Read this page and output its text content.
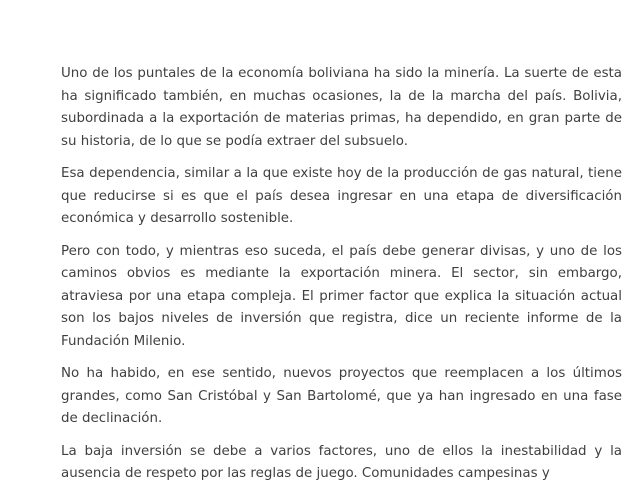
Uno de los puntales de la economía boliviana ha sido la minería. La suerte de esta ha significado también, en muchas ocasiones, la de la marcha del país. Bolivia, subordinada a la exportación de materias primas, ha dependido, en gran parte de su historia, de lo que se podía extraer del subsuelo.

Esa dependencia, similar a la que existe hoy de la producción de gas natural, tiene que reducirse si es que el país desea ingresar en una etapa de diversificación económica y desarrollo sostenible.

Pero con todo, y mientras eso suceda, el país debe generar divisas, y uno de los caminos obvios es mediante la exportación minera. El sector, sin embargo, atraviesa por una etapa compleja. El primer factor que explica la situación actual son los bajos niveles de inversión que registra, dice un reciente informe de la Fundación Milenio.

No ha habido, en ese sentido, nuevos proyectos que reemplacen a los últimos grandes, como San Cristóbal y San Bartolomé, que ya han ingresado en una fase de declinación.

La baja inversión se debe a varios factores, uno de ellos la inestabilidad y la ausencia de respeto por las reglas de juego. Comunidades campesinas y
